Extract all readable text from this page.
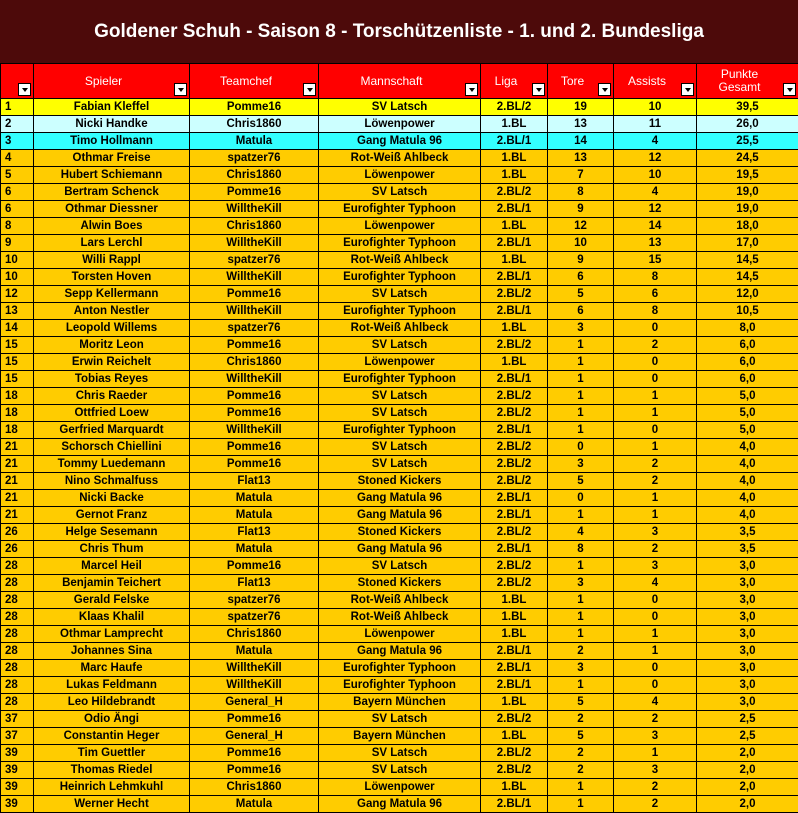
Goldener Schuh - Saison 8 - Torschützenliste - 1. und 2. Bundesliga

	Spieler	Teamchef	Mannschaft	Liga	Tore	Assists	Punkte
Gesamt

1	Fabian Kleffel	Pomme16	SV Latsch	2.BL/2	19	10	39,5
2	Nicki Handke	Chris1860	Löwenpower	1.BL	13	11	26,0
3	Timo Hollmann	Matula	Gang Matula 96	2.BL/1	14	4	25,5
4	Othmar Freise	spatzer76	Rot-Weiß Ahlbeck	1.BL	13	12	24,5
5	Hubert Schiemann	Chris1860	Löwenpower	1.BL	7	10	19,5
6	Bertram Schenck	Pomme16	SV Latsch	2.BL/2	8	4	19,0
6	Othmar Diessner	WilltheKill	Eurofighter Typhoon	2.BL/1	9	12	19,0
8	Alwin Boes	Chris1860	Löwenpower	1.BL	12	14	18,0
9	Lars Lerchl	WilltheKill	Eurofighter Typhoon	2.BL/1	10	13	17,0
10	Willi Rappl	spatzer76	Rot-Weiß Ahlbeck	1.BL	9	15	14,5
10	Torsten Hoven	WilltheKill	Eurofighter Typhoon	2.BL/1	6	8	14,5
12	Sepp Kellermann	Pomme16	SV Latsch	2.BL/2	5	6	12,0
13	Anton Nestler	WilltheKill	Eurofighter Typhoon	2.BL/1	6	8	10,5
14	Leopold Willems	spatzer76	Rot-Weiß Ahlbeck	1.BL	3	0	8,0
15	Moritz Leon	Pomme16	SV Latsch	2.BL/2	1	2	6,0
15	Erwin Reichelt	Chris1860	Löwenpower	1.BL	1	0	6,0
15	Tobias Reyes	WilltheKill	Eurofighter Typhoon	2.BL/1	1	0	6,0
18	Chris Raeder	Pomme16	SV Latsch	2.BL/2	1	1	5,0
18	Ottfried Loew	Pomme16	SV Latsch	2.BL/2	1	1	5,0
18	Gerfried Marquardt	WilltheKill	Eurofighter Typhoon	2.BL/1	1	0	5,0
21	Schorsch Chiellini	Pomme16	SV Latsch	2.BL/2	0	1	4,0
21	Tommy Luedemann	Pomme16	SV Latsch	2.BL/2	3	2	4,0
21	Nino Schmalfuss	Flat13	Stoned Kickers	2.BL/2	5	2	4,0
21	Nicki Backe	Matula	Gang Matula 96	2.BL/1	0	1	4,0
21	Gernot Franz	Matula	Gang Matula 96	2.BL/1	1	1	4,0
26	Helge Sesemann	Flat13	Stoned Kickers	2.BL/2	4	3	3,5
26	Chris Thum	Matula	Gang Matula 96	2.BL/1	8	2	3,5
28	Marcel Heil	Pomme16	SV Latsch	2.BL/2	1	3	3,0
28	Benjamin Teichert	Flat13	Stoned Kickers	2.BL/2	3	4	3,0
28	Gerald Felske	spatzer76	Rot-Weiß Ahlbeck	1.BL	1	0	3,0
28	Klaas Khalil	spatzer76	Rot-Weiß Ahlbeck	1.BL	1	0	3,0
28	Othmar Lamprecht	Chris1860	Löwenpower	1.BL	1	1	3,0
28	Johannes Sina	Matula	Gang Matula 96	2.BL/1	2	1	3,0
28	Marc Haufe	WilltheKill	Eurofighter Typhoon	2.BL/1	3	0	3,0
28	Lukas Feldmann	WilltheKill	Eurofighter Typhoon	2.BL/1	1	0	3,0
28	Leo Hildebrandt	General_H	Bayern München	1.BL	5	4	3,0
37	Odio Ängi	Pomme16	SV Latsch	2.BL/2	2	2	2,5
37	Constantin Heger	General_H	Bayern München	1.BL	5	3	2,5
39	Tim Guettler	Pomme16	SV Latsch	2.BL/2	2	1	2,0
39	Thomas Riedel	Pomme16	SV Latsch	2.BL/2	2	3	2,0
39	Heinrich Lehmkuhl	Chris1860	Löwenpower	1.BL	1	2	2,0
39	Werner Hecht	Matula	Gang Matula 96	2.BL/1	1	2	2,0
